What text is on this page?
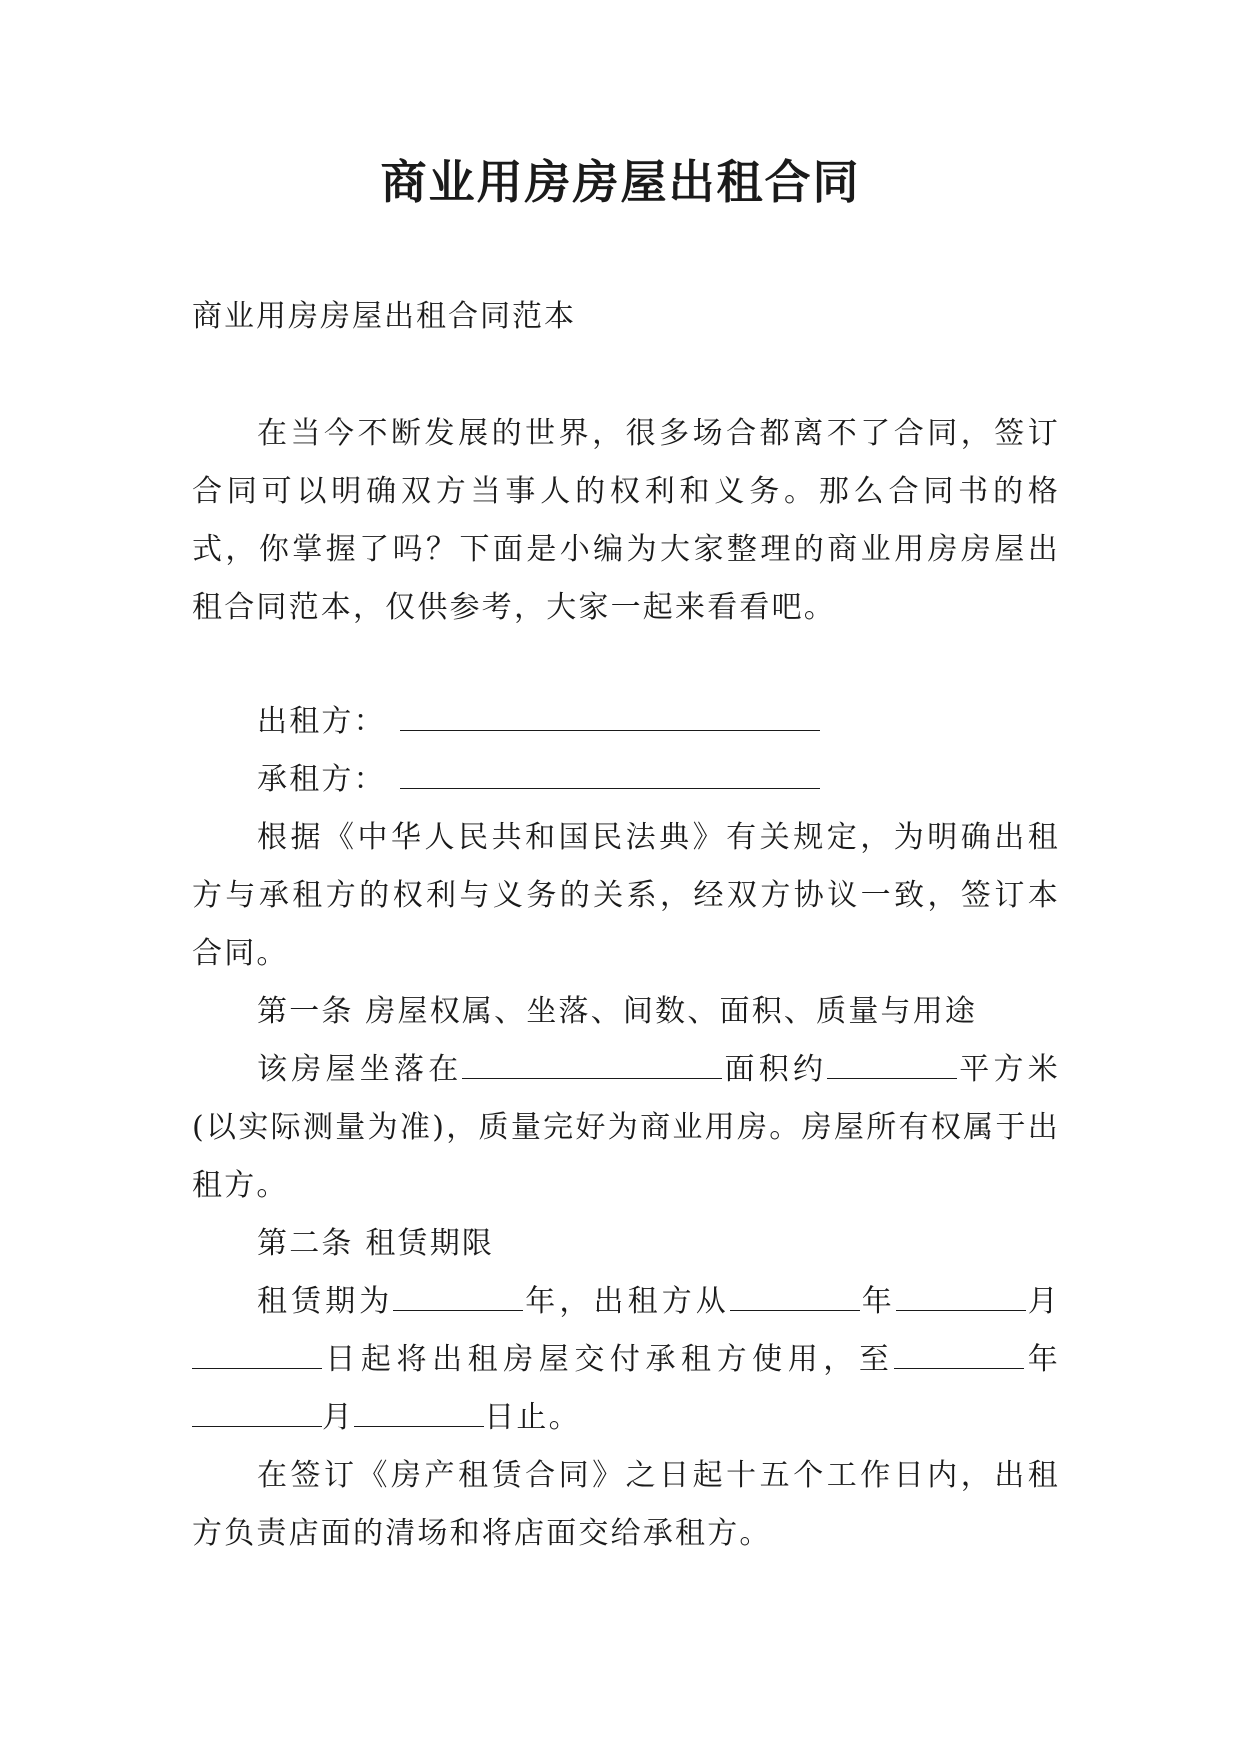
商业用房房屋出租合同

商业用房房屋出租合同范本

在当今不断发展的世界，很多场合都离不了合同，签订合同可以明确双方当事人的权利和义务。那么合同书的格式，你掌握了吗？下面是小编为大家整理的商业用房房屋出租合同范本，仅供参考，大家一起来看看吧。

出租方：

承租方：

根据《中华人民共和国民法典》有关规定，为明确出租方与承租方的权利与义务的关系，经双方协议一致，签订本合同。

第一条 房屋权属、坐落、间数、面积、质量与用途

该房屋坐落在	面积约	平方米(以实际测量为准)，质量完好为商业用房。房屋所有权属于出租方。

第二条 租赁期限

租赁期为	年，出租方从	年	月日起将出租房屋交付承租方使用，至	年月	日止。

在签订《房产租赁合同》之日起十五个工作日内，出租方负责店面的清场和将店面交给承租方。
